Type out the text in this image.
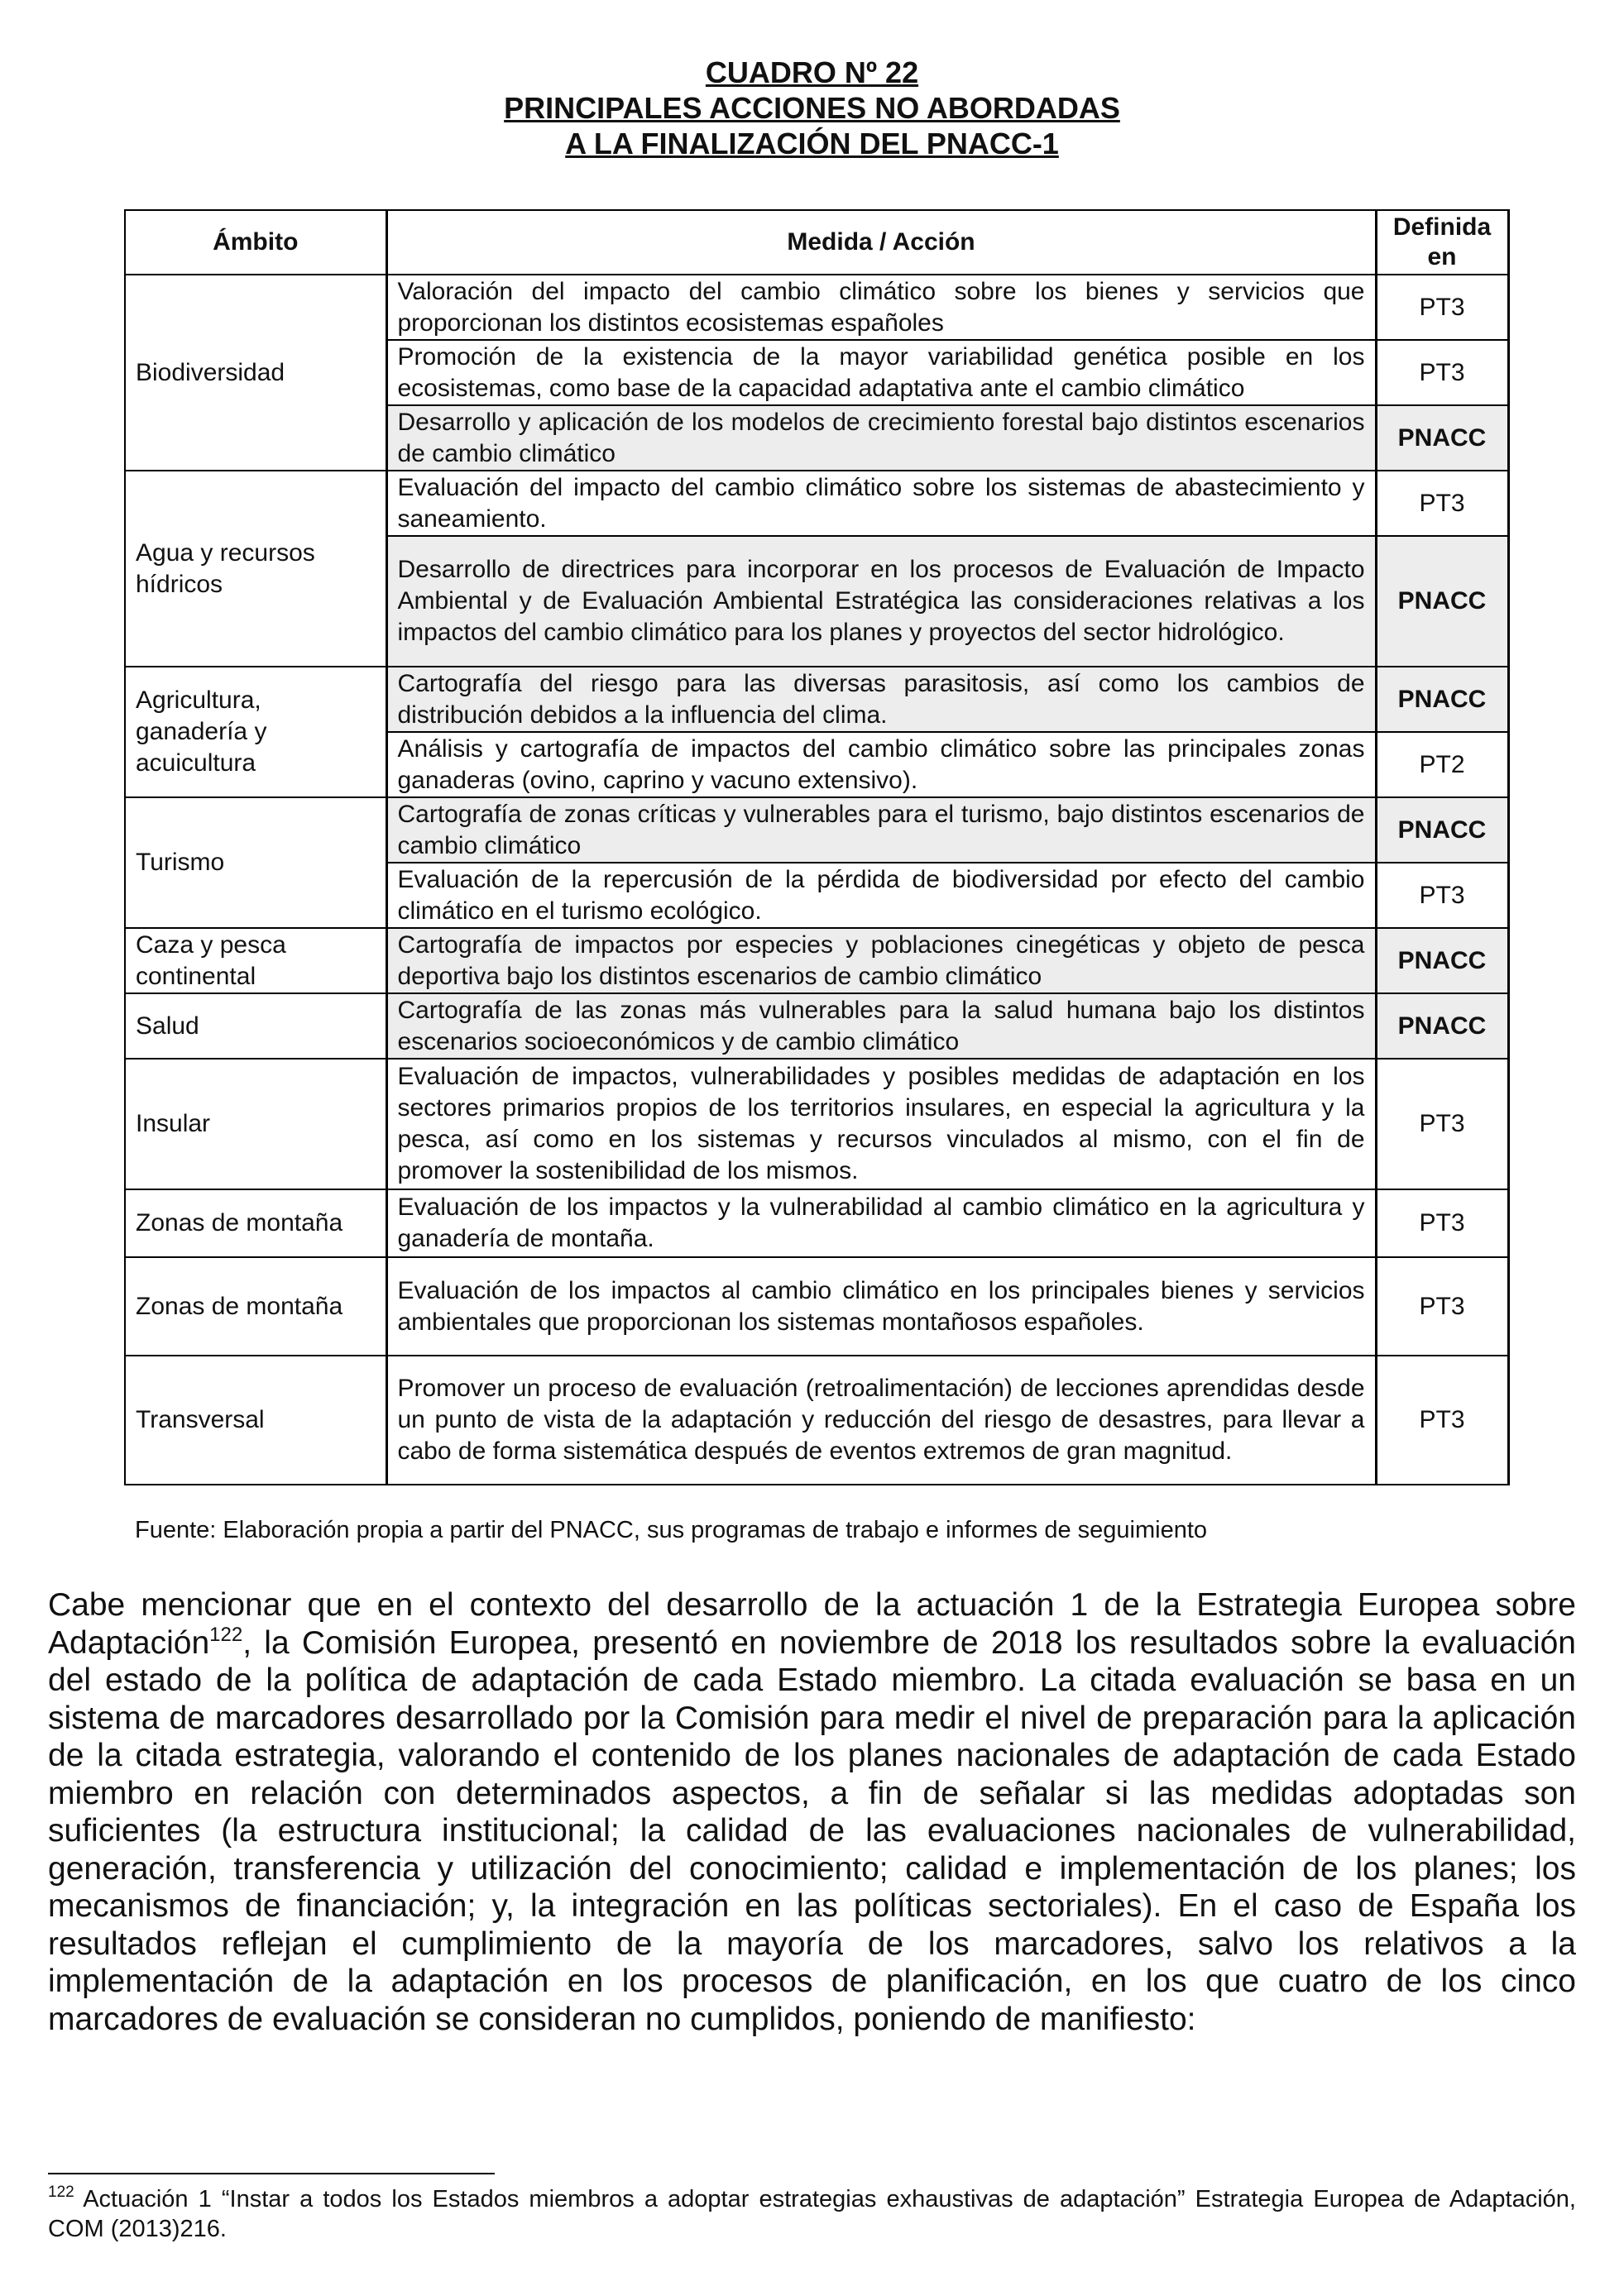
CUADRO Nº 22
PRINCIPALES ACCIONES NO ABORDADAS
A LA FINALIZACIÓN DEL PNACC-1
Ámbito	Medida / Acción	Definida en
Biodiversidad	Valoración del impacto del cambio climático sobre los bienes y servicios que proporcionan los distintos ecosistemas españoles	PT3
	Promoción de la existencia de la mayor variabilidad genética posible en los ecosistemas, como base de la capacidad adaptativa ante el cambio climático	PT3
	Desarrollo y aplicación de los modelos de crecimiento forestal bajo distintos escenarios de cambio climático	PNACC
Agua y recursos hídricos	Evaluación del impacto del cambio climático sobre los sistemas de abastecimiento y saneamiento.	PT3
	Desarrollo de directrices para incorporar en los procesos de Evaluación de Impacto Ambiental y de Evaluación Ambiental Estratégica las consideraciones relativas a los impactos del cambio climático para los planes y proyectos del sector hidrológico.	PNACC
Agricultura, ganadería y acuicultura	Cartografía del riesgo para las diversas parasitosis, así como los cambios de distribución debidos a la influencia del clima.	PNACC
	Análisis y cartografía de impactos del cambio climático sobre las principales zonas ganaderas (ovino, caprino y vacuno extensivo).	PT2
Turismo	Cartografía de zonas críticas y vulnerables para el turismo, bajo distintos escenarios de cambio climático	PNACC
	Evaluación de la repercusión de la pérdida de biodiversidad por efecto del cambio climático en el turismo ecológico.	PT3
Caza y pesca continental	Cartografía de impactos por especies y poblaciones cinegéticas y objeto de pesca deportiva bajo los distintos escenarios de cambio climático	PNACC
Salud	Cartografía de las zonas más vulnerables para la salud humana bajo los distintos escenarios socioeconómicos y de cambio climático	PNACC
Insular	Evaluación de impactos, vulnerabilidades y posibles medidas de adaptación en los sectores primarios propios de los territorios insulares, en especial la agricultura y la pesca, así como en los sistemas y recursos vinculados al mismo, con el fin de promover la sostenibilidad de los mismos.	PT3
Zonas de montaña	Evaluación de los impactos y la vulnerabilidad al cambio climático en la agricultura y ganadería de montaña.	PT3
Zonas de montaña	Evaluación de los impactos al cambio climático en los principales bienes y servicios ambientales que proporcionan los sistemas montañosos españoles.	PT3
Transversal	Promover un proceso de evaluación (retroalimentación) de lecciones aprendidas desde un punto de vista de la adaptación y reducción del riesgo de desastres, para llevar a cabo de forma sistemática después de eventos extremos de gran magnitud.	PT3
Fuente: Elaboración propia a partir del PNACC, sus programas de trabajo e informes de seguimiento
Cabe mencionar que en el contexto del desarrollo de la actuación 1 de la Estrategia Europea sobre Adaptación$^{122}$, la Comisión Europea, presentó en noviembre de 2018 los resultados sobre la evaluación del estado de la política de adaptación de cada Estado miembro. La citada evaluación se basa en un sistema de marcadores desarrollado por la Comisión para medir el nivel de preparación para la aplicación de la citada estrategia, valorando el contenido de los planes nacionales de adaptación de cada Estado miembro en relación con determinados aspectos, a fin de señalar si las medidas adoptadas son suficientes (la estructura institucional; la calidad de las evaluaciones nacionales de vulnerabilidad, generación, transferencia y utilización del conocimiento; calidad e implementación de los planes; los mecanismos de financiación; y, la integración en las políticas sectoriales). En el caso de España los resultados reflejan el cumplimiento de la mayoría de los marcadores, salvo los relativos a la implementación de la adaptación en los procesos de planificación, en los que cuatro de los cinco marcadores de evaluación se consideran no cumplidos, poniendo de manifiesto:
$^{122}$ Actuación 1 “Instar a todos los Estados miembros a adoptar estrategias exhaustivas de adaptación” Estrategia Europea de Adaptación, COM (2013)216.
